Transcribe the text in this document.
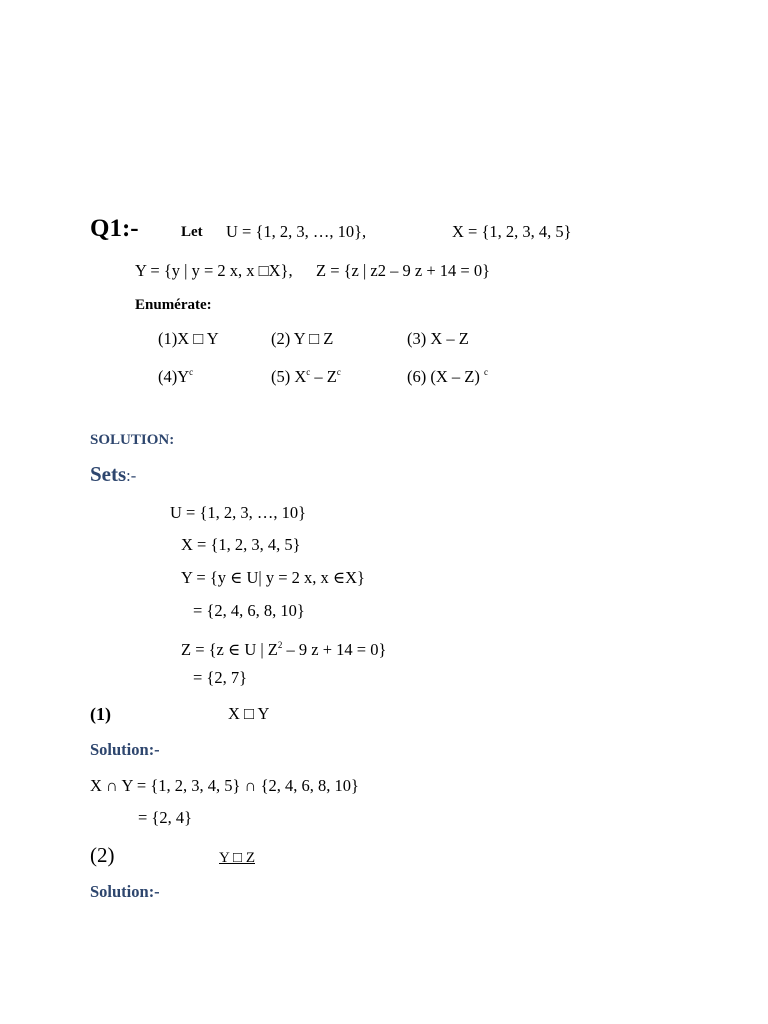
Q1:-	Let U = {1, 2, 3, …, 10},	X = {1, 2, 3, 4, 5}
Y = {y | y = 2 x, x □X}, Z = {z | z2 – 9 z + 14 = 0}
Enumérate:
(1)X □ Y	(2) Y □ Z	(3) X – Z
$(4)Y^c$	(5) $X^c - Z^c$	(6) (X – Z) $^c$
SOLUTION:
Sets:-
U = {1, 2, 3, …, 10}
X = {1, 2, 3, 4, 5}
Y = {y ∈ U| y = 2 x, x ∈X}
= {2, 4, 6, 8, 10}
Z = {z ∈ U | $Z^2 - 9$ z + 14 = 0}
= {2, 7}
(1)	X □ Y
Solution:-
X ∩ Y = {1, 2, 3, 4, 5} ∩ {2, 4, 6, 8, 10}
= {2, 4}
(2)	Y □ Z
Solution:-
